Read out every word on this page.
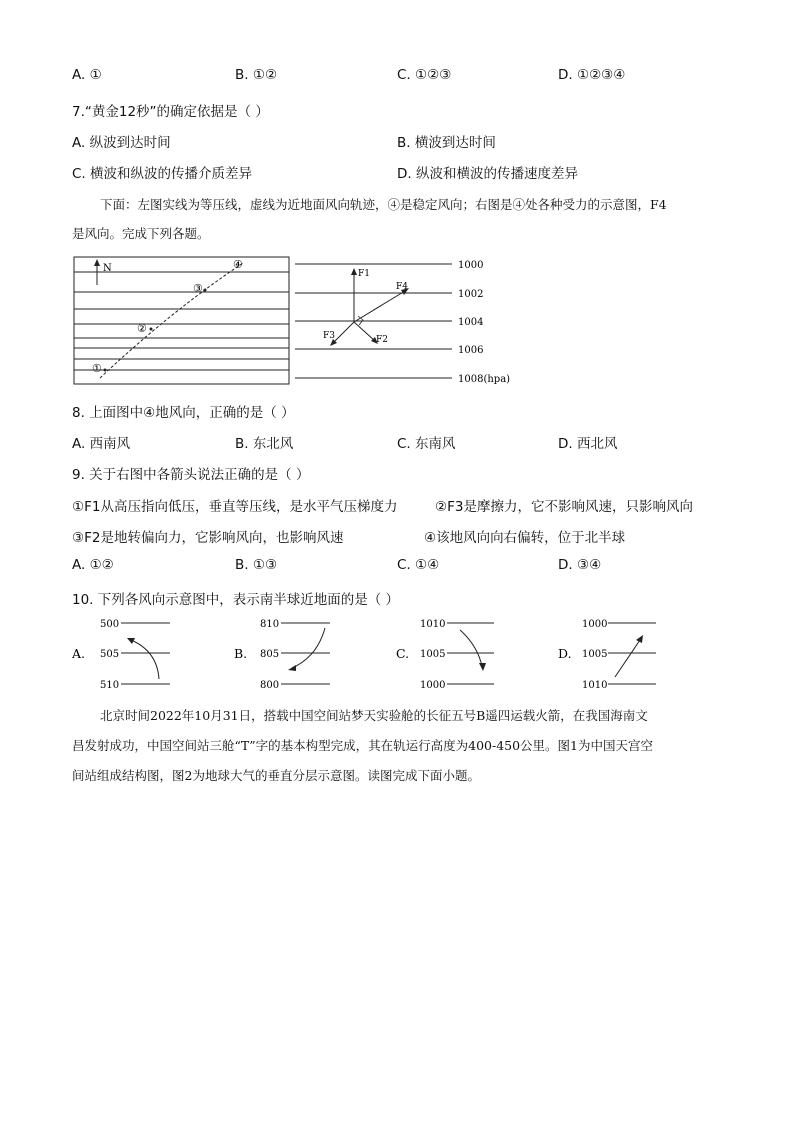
A. ①	B. ①②	C. ①②③	D. ①②③④
7.“黄金12秒”的确定依据是（ ）
A. 纵波到达时间	B. 横波到达时间
C. 横波和纵波的传播介质差异	D. 纵波和横波的传播速度差异
下面：左图实线为等压线，虚线为近地面风向轨迹，④是稳定风向；右图是④处各种受力的示意图，F4
是风向。完成下列各题。
N
①
②
③
④	1000
1002
1004
1006
1008(hpa)
F1
F4
F3	F2
8. 上面图中④地风向，正确的是（ ）
A. 西南风	B. 东北风	C. 东南风	D. 西北风
9. 关于右图中各箭头说法正确的是（ ）
①F1从高压指向低压，垂直等压线，是水平气压梯度力	②F3是摩擦力，它不影响风速，只影响风向
③F2是地转偏向力，它影响风向，也影响风速	④该地风向向右偏转，位于北半球
A. ①②	B. ①③	C. ①④	D. ③④
10. 下列各风向示意图中，表示南半球近地面的是（ ）
A.
500
505
510
B.
810
805
800
C.
1010
1005
1000
D.
1000
1005
1010
北京时间2022年10月31日，搭载中国空间站梦天实验舱的长征五号B遥四运载火箭，在我国海南文
昌发射成功，中国空间站三舱“T”字的基本构型完成，其在轨运行高度为400-450公里。图1为中国天宫空
间站组成结构图，图2为地球大气的垂直分层示意图。读图完成下面小题。
